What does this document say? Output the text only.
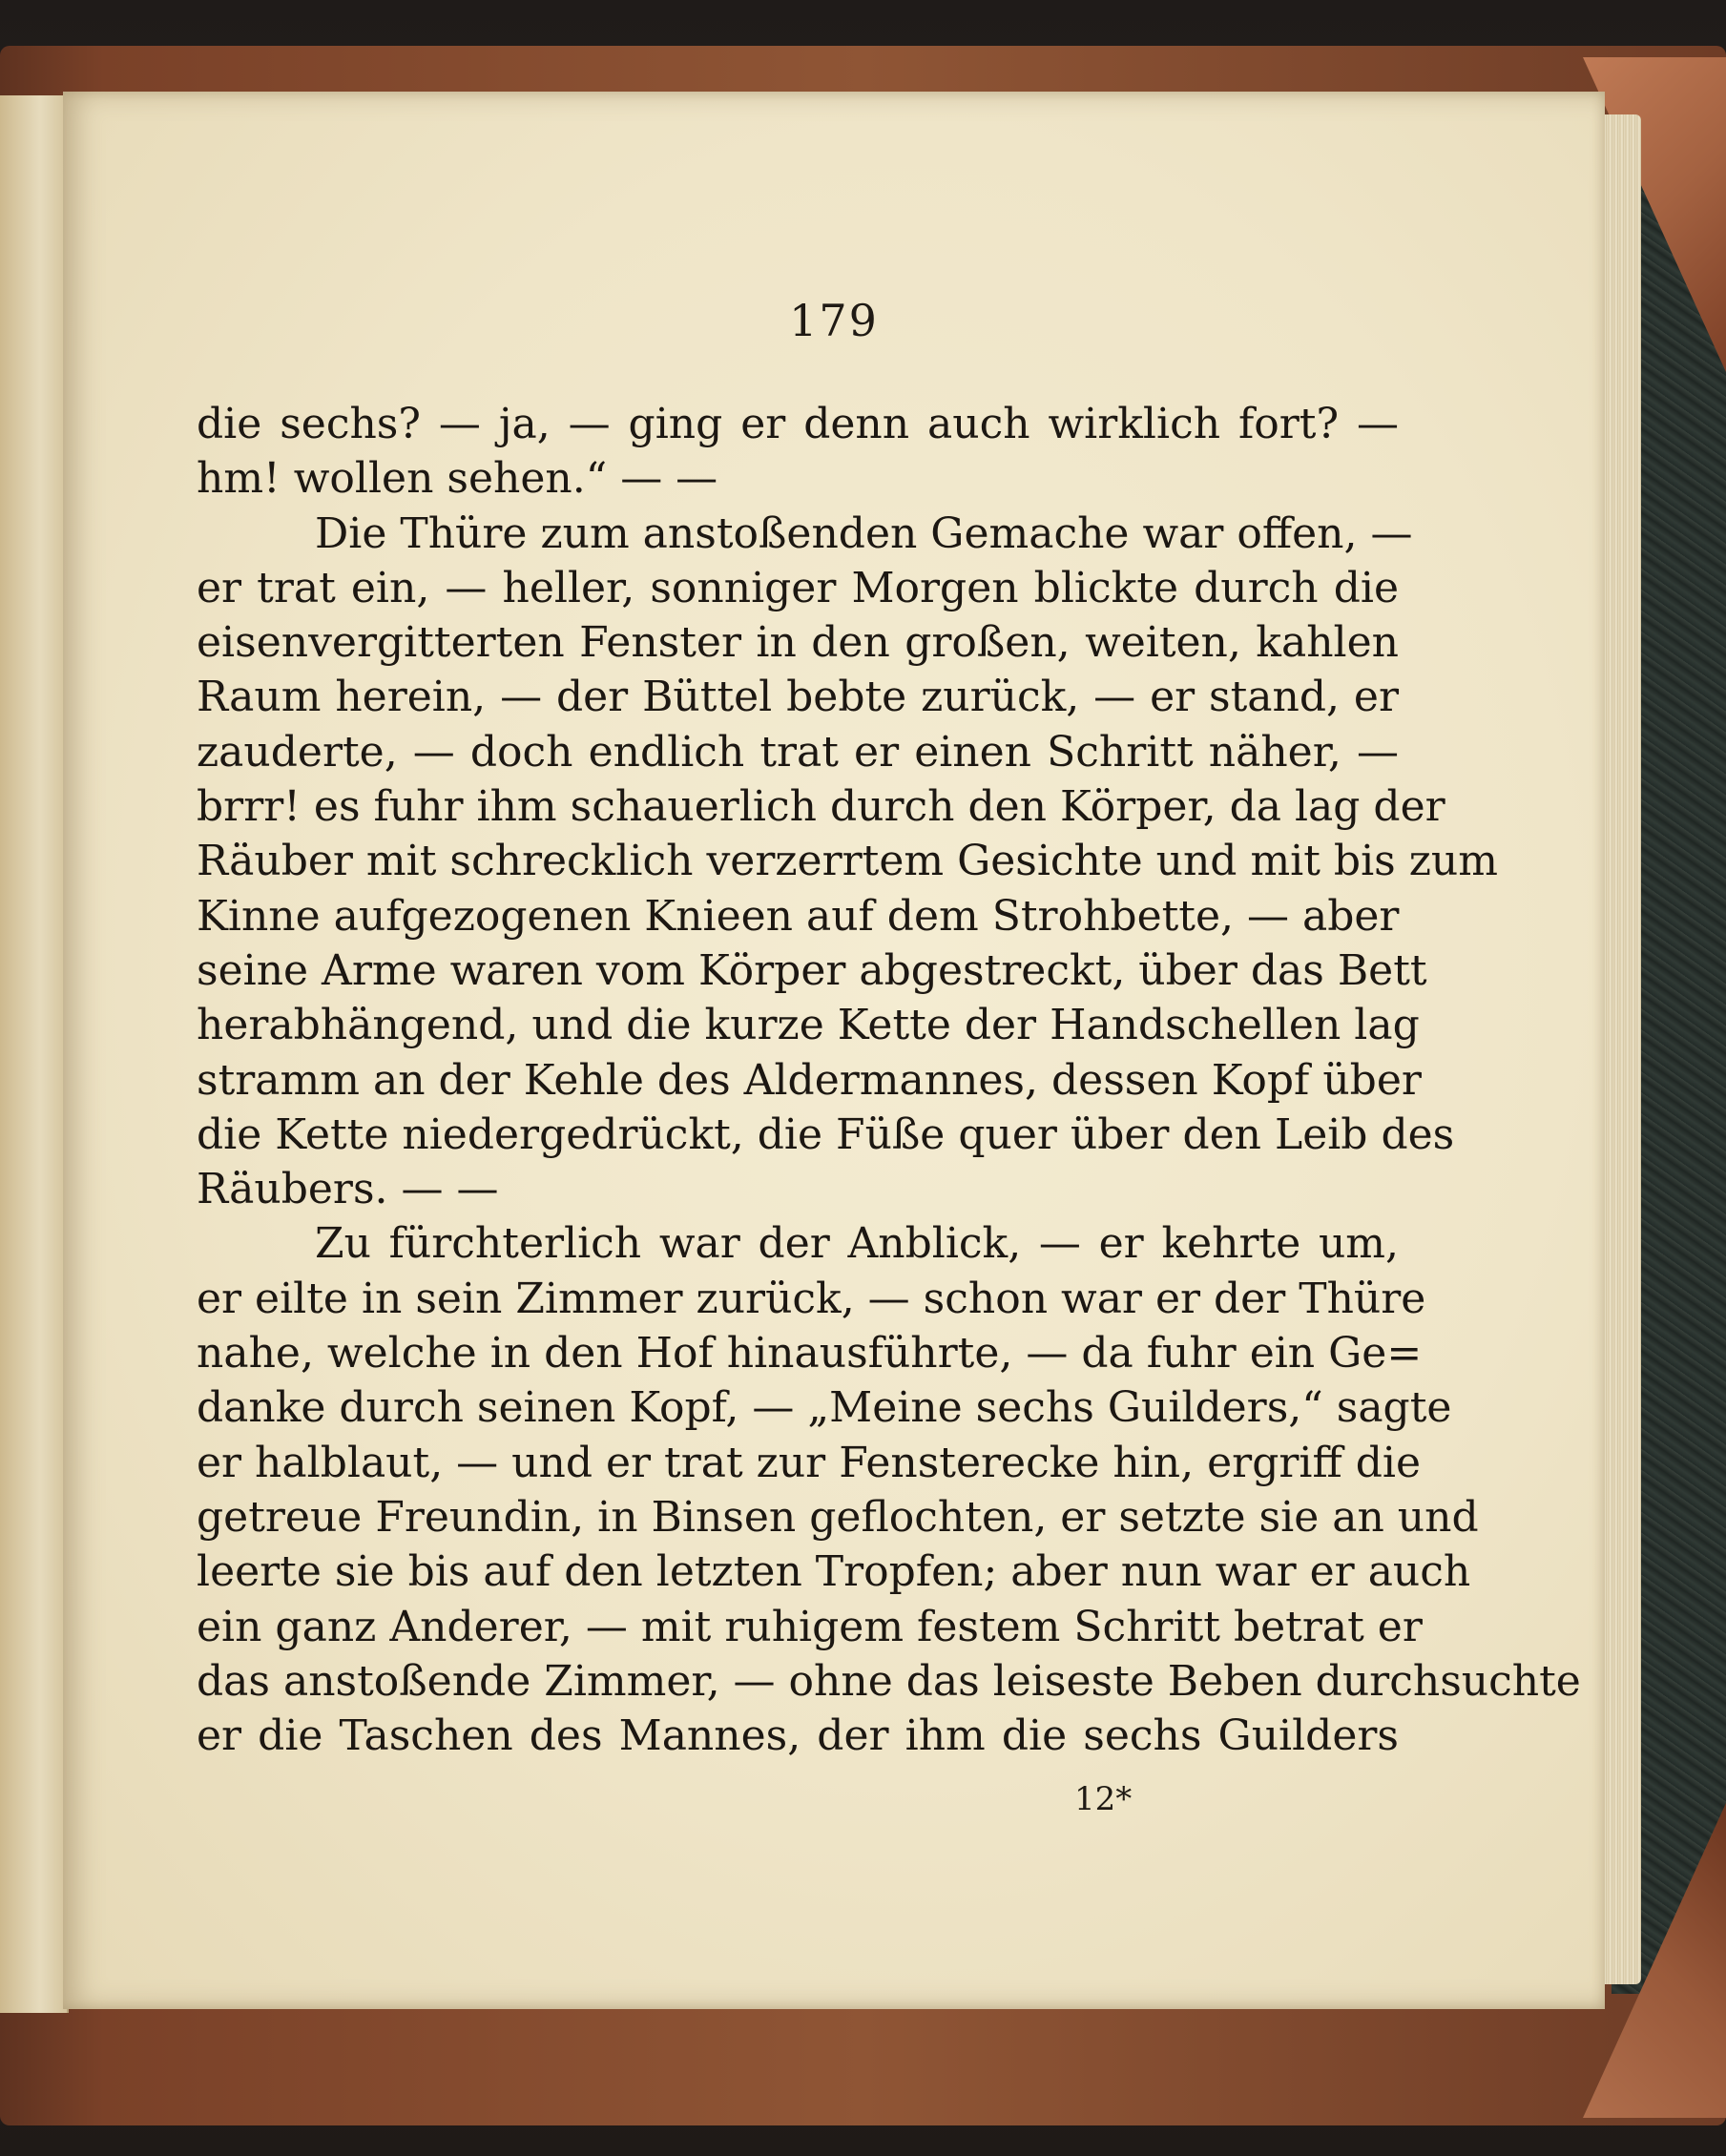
179
die sechs? — ja, — ging er denn auch wirklich fort? —
hm! wollen sehen.“ — —
Die Thüre zum anstoßenden Gemache war offen, —
er trat ein, — heller, sonniger Morgen blickte durch die
eisenvergitterten Fenster in den großen, weiten, kahlen
Raum herein, — der Büttel bebte zurück, — er stand, er
zauderte, — doch endlich trat er einen Schritt näher, —
brrr! es fuhr ihm schauerlich durch den Körper, da lag der
Räuber mit schrecklich verzerrtem Gesichte und mit bis zum
Kinne aufgezogenen Knieen auf dem Strohbette, — aber
seine Arme waren vom Körper abgestreckt, über das Bett
herabhängend, und die kurze Kette der Handschellen lag
stramm an der Kehle des Aldermannes, dessen Kopf über
die Kette niedergedrückt, die Füße quer über den Leib des
Räubers. — —
Zu fürchterlich war der Anblick, — er kehrte um,
er eilte in sein Zimmer zurück, — schon war er der Thüre
nahe, welche in den Hof hinausführte, — da fuhr ein Ge=
danke durch seinen Kopf, — „Meine sechs Guilders,“ sagte
er halblaut, — und er trat zur Fensterecke hin, ergriff die
getreue Freundin, in Binsen geflochten, er setzte sie an und
leerte sie bis auf den letzten Tropfen; aber nun war er auch
ein ganz Anderer, — mit ruhigem festem Schritt betrat er
das anstoßende Zimmer, — ohne das leiseste Beben durchsuchte
er die Taschen des Mannes, der ihm die sechs Guilders
12*
